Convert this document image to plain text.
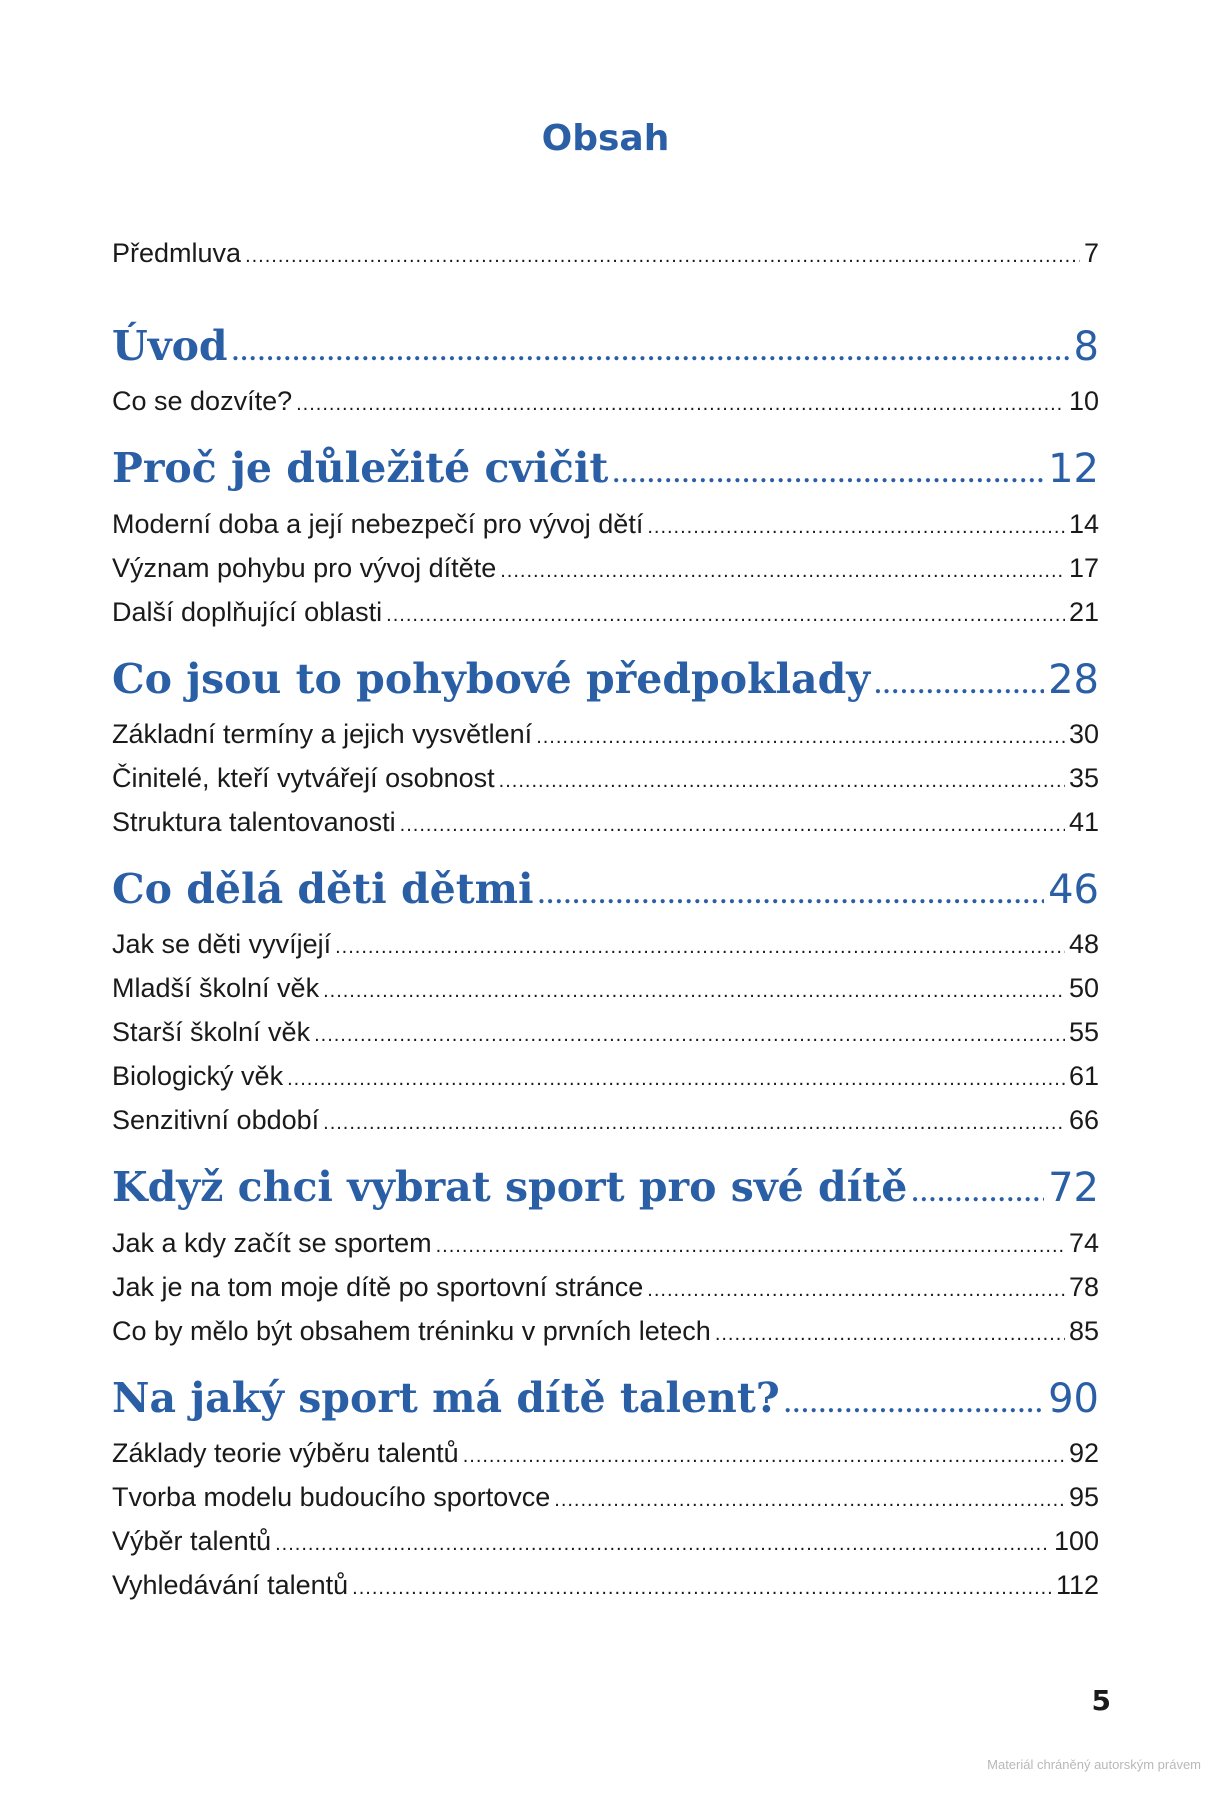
Obsah
Předmluva .....	7
Úvod .....	8
Co se dozvíte? .....	10
Proč je důležité cvičit .....	12
Moderní doba a její nebezpečí pro vývoj dětí .....	14
Význam pohybu pro vývoj dítěte .....	17
Další doplňující oblasti .....	21
Co jsou to pohybové předpoklady .....	28
Základní termíny a jejich vysvětlení .....	30
Činitelé, kteří vytvářejí osobnost .....	35
Struktura talentovanosti .....	41
Co dělá děti dětmi .....	46
Jak se děti vyvíjejí .....	48
Mladší školní věk .....	50
Starší školní věk .....	55
Biologický věk .....	61
Senzitivní období .....	66
Když chci vybrat sport pro své dítě .....	72
Jak a kdy začít se sportem .....	74
Jak je na tom moje dítě po sportovní stránce .....	78
Co by mělo být obsahem tréninku v prvních letech .....	85
Na jaký sport má dítě talent? .....	90
Základy teorie výběru talentů .....	92
Tvorba modelu budoucího sportovce .....	95
Výběr talentů .....	100
Vyhledávání talentů .....	112
5
Materiál chráněný autorským právem
